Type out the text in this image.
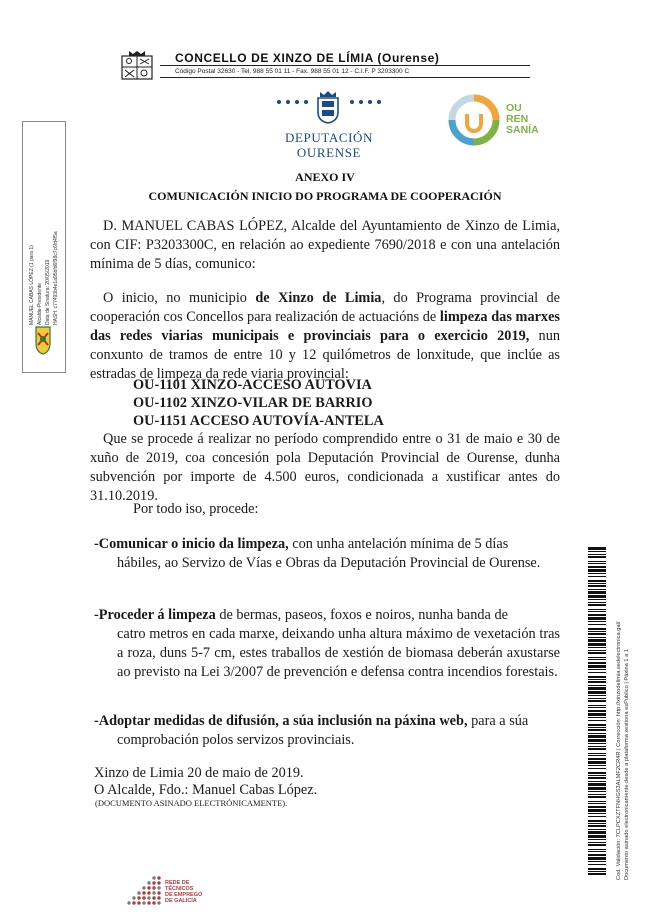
CONCELLO DE XINZO DE LÍMIA (Ourense)
Código Postal 32630 - Tel. 988 55 01 11 - Fax. 988 55 01 12 - C.I.F. P 3203300 C
DEPUTACIÓN
OURENSE
OU
REN
SANÍA
MANUEL CABAS LÓPEZ (1 para 1) Alcalde-Presidente Data de Sinatura: 20/05/2019 HASH: c77493b4e1a95bfd6f98c7c6fd4f5a
ANEXO IV
COMUNICACIÓN INICIO DO PROGRAMA DE COOPERACIÓN

D. MANUEL CABAS LÓPEZ, Alcalde del Ayuntamiento de Xinzo de Limia, con CIF: P3203300C, en relación ao expediente 7690/2018 e con una antelación mínima de 5 días, comunico:

O inicio, no municipio de Xinzo de Limia, do Programa provincial de cooperación cos Concellos para realización de actuacións de limpeza das marxes das redes viarias municipais e provinciais para o exercicio 2019, nun conxunto de tramos de entre 10 y 12 quilómetros de lonxitude, que inclúe as estradas de limpeza da rede viaria provincial:

OU-1101 XINZO-ACCESO AUTOVIA
OU-1102 XINZO-VILAR DE BARRIO
OU-1151 ACCESO AUTOVÍA-ANTELA

Que se procede á realizar no período comprendido entre o 31 de maio e 30 de xuño de 2019, coa concesión pola Deputación Provincial de Ourense, dunha subvención por importe de 4.500 euros, condicionada a xustificar antes do 31.10.2019.

Por todo iso, procede:
-Comunicar o inicio da limpeza, con unha antelación mínima de 5 días
hábiles, ao Servizo de Vías e Obras da Deputación Provincial de Ourense.
-Proceder á limpeza de bermas, paseos, foxos e noiros, nunha banda de
catro metros en cada marxe, deixando unha altura máximo de vexetación tras a roza, duns 5-7 cm, estes traballos de xestión de biomasa deberán axustarse ao previsto na Lei 3/2007 de prevención e defensa contra incendios forestais.
-Adoptar medidas de difusión, a súa inclusión na páxina web, para a súa
comprobación polos servizos provinciais.
Xinzo de Limia 20 de maio de 2019.
O Alcalde, Fdo.: Manuel Cabas López.
(DOCUMENTO ASINADO ELECTRÓNICAMENTE).	Cod. Validación: 7CLPCXZTFNHGS3ALMF2CR4R | Corrección: http://xinzodelimia.sedelectronica.gal/ Documento asinado electronicamente desde a plataforma xestiona esPublico | Páxina 1 a 1
REDE DE
TÉCNICOS
DE EMPREGO
DE GALICIA
